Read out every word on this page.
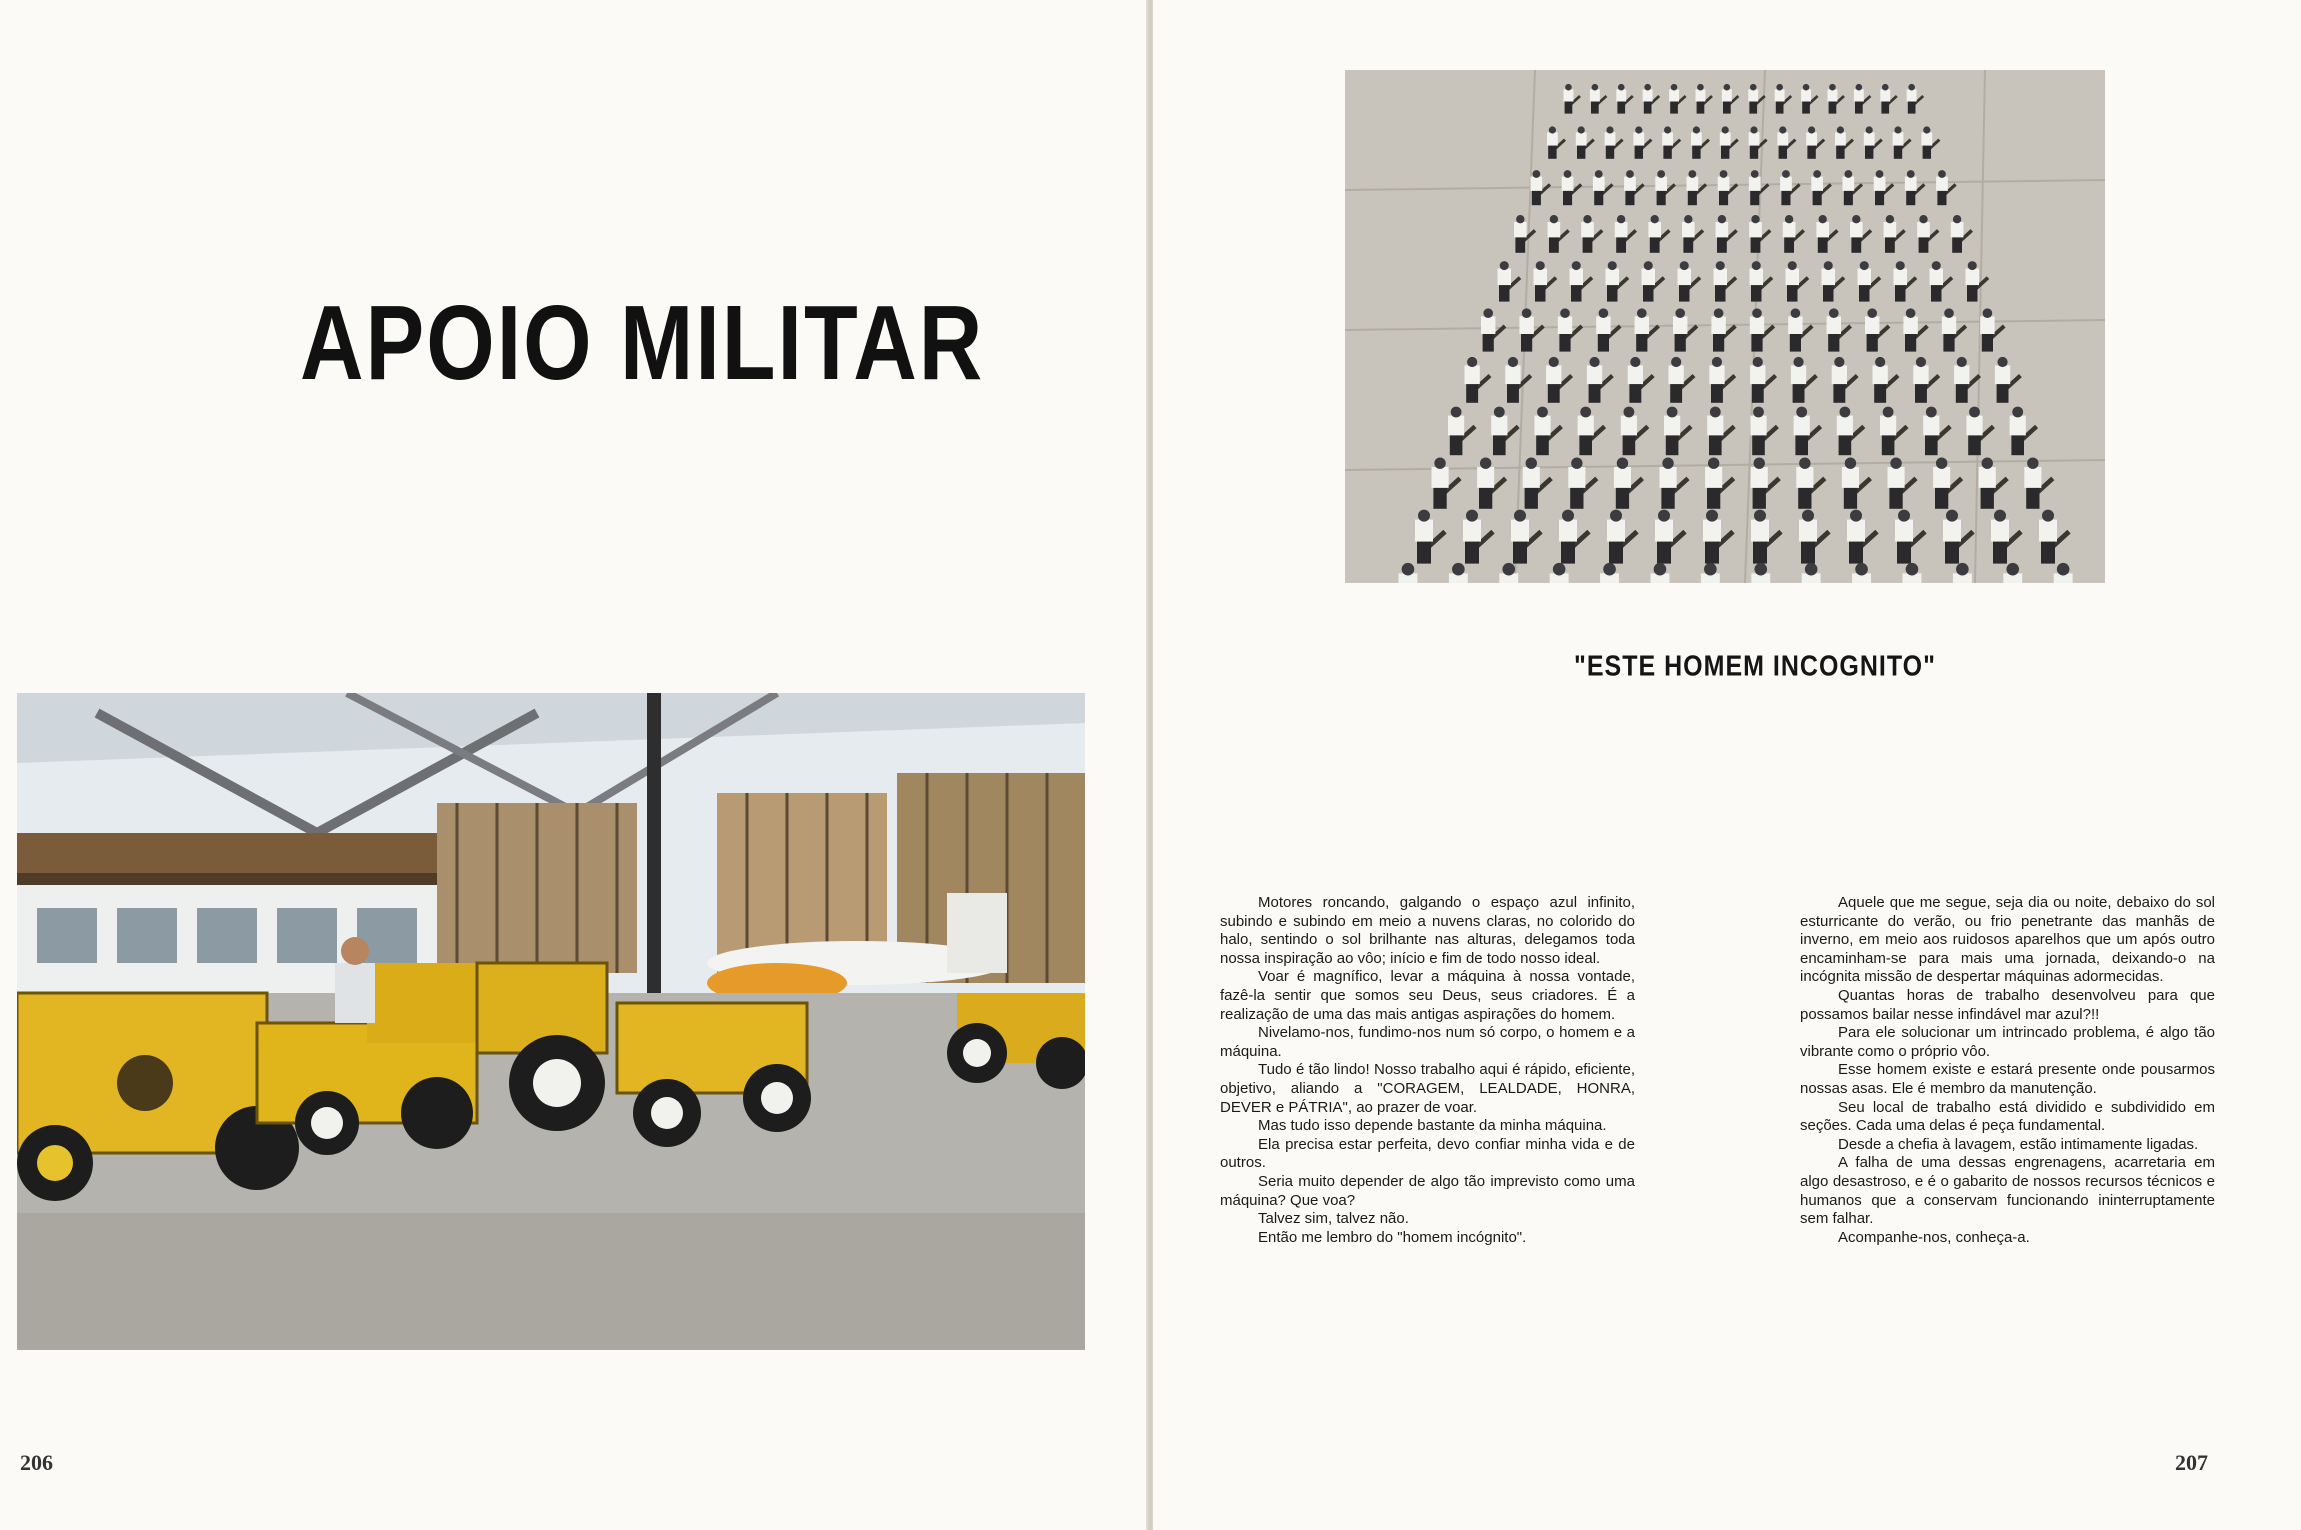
APOIO MILITAR
206
"ESTE HOMEM INCOGNITO"

Motores roncando, galgando o espaço azul infinito, subindo e subindo em meio a nuvens claras, no colorido do halo, sentindo o sol brilhante nas alturas, delegamos toda nossa inspiração ao vôo; início e fim de todo nosso ideal.

Voar é magnífico, levar a máquina à nossa vontade, fazê-la sentir que somos seu Deus, seus criadores. É a realização de uma das mais antigas aspirações do homem.

Nivelamo-nos, fundimo-nos num só corpo, o homem e a máquina.

Tudo é tão lindo! Nosso trabalho aqui é rápido, eficiente, objetivo, aliando a "CORAGEM, LEALDADE, HONRA, DEVER e PÁTRIA", ao prazer de voar.

Mas tudo isso depende bastante da minha máquina.

Ela precisa estar perfeita, devo confiar minha vida e de outros.

Seria muito depender de algo tão imprevisto como uma máquina? Que voa?

Talvez sim, talvez não.

Então me lembro do "homem incógnito".

Aquele que me segue, seja dia ou noite, debaixo do sol esturricante do verão, ou frio penetrante das manhãs de inverno, em meio aos ruidosos aparelhos que um após outro encaminham-se para mais uma jornada, deixando-o na incógnita missão de despertar máquinas adormecidas.

Quantas horas de trabalho desenvolveu para que possamos bailar nesse infindável mar azul?!!

Para ele solucionar um intrincado problema, é algo tão vibrante como o próprio vôo.

Esse homem existe e estará presente onde pousarmos nossas asas. Ele é membro da manutenção.

Seu local de trabalho está dividido e subdividido em seções. Cada uma delas é peça fundamental.

Desde a chefia à lavagem, estão intimamente ligadas.

A falha de uma dessas engrenagens, acarretaria em algo desastroso, e é o gabarito de nossos recursos técnicos e humanos que a conservam funcionando ininterruptamente sem falhar.

Acompanhe-nos, conheça-a.

207
